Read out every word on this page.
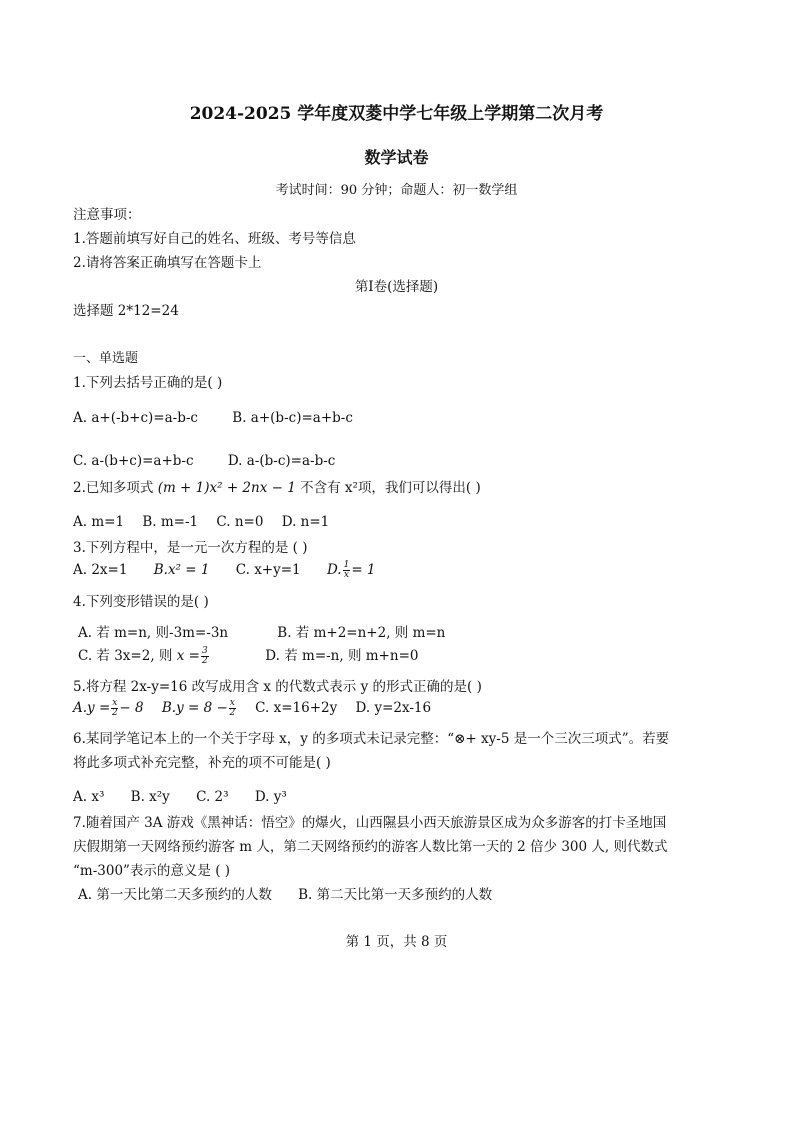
2024-2025 学年度双菱中学七年级上学期第二次月考
数学试卷
考试时间：90 分钟；命题人：初一数学组
注意事项：
1.答题前填写好自己的姓名、班级、考号等信息
2.请将答案正确填写在答题卡上
第Ⅰ卷(选择题)
选择题 2*12=24
一、单选题
1.下列去括号正确的是( )
A. a+(-b+c)=a-b-c	B. a+(b-c)=a+b-c
C. a-(b+c)=a+b-c	D. a-(b-c)=a-b-c
2.已知多项式 (m + 1)x² + 2nx − 1 不含有 x²项，我们可以得出( )
A. m=1 B. m=-1 C. n=0 D. n=1
3.下列方程中，是一元一次方程的是 ( )
A. 2x=1 B.x² = 1 C. x+y=1 D. $\frac{1}{x} = 1$
4.下列变形错误的是( )
A. 若 m=n, 则-3m=-3n	B. 若 m+2=n+2, 则 m=n
C. 若 3x=2, 则 $x = \frac{3}{2}$	D. 若 m=-n, 则 m+n=0
5.将方程 2x-y=16 改写成用含 x 的代数式表示 y 的形式正确的是( )
$A.y = \frac{x}{2} - 8$ $B.y = 8 - \frac{x}{2} C$. x=16+2y D. y=2x-16
6.某同学笔记本上的一个关于字母 x，y 的多项式未记录完整：“⊗+ xy-5 是一个三次三项式”。若要
将此多项式补充完整，补充的项不可能是( )
A. x³ B. x²y C. 2³ D. y³
7.随着国产 3A 游戏《黑神话：悟空》的爆火，山西隰县小西天旅游景区成为众多游客的打卡圣地国
庆假期第一天网络预约游客 m 人，第二天网络预约的游客人数比第一天的 2 倍少 300 人, 则代数式
“m-300”表示的意义是 ( )
A. 第一天比第二天多预约的人数 B. 第二天比第一天多预约的人数
第 1 页，共 8 页
